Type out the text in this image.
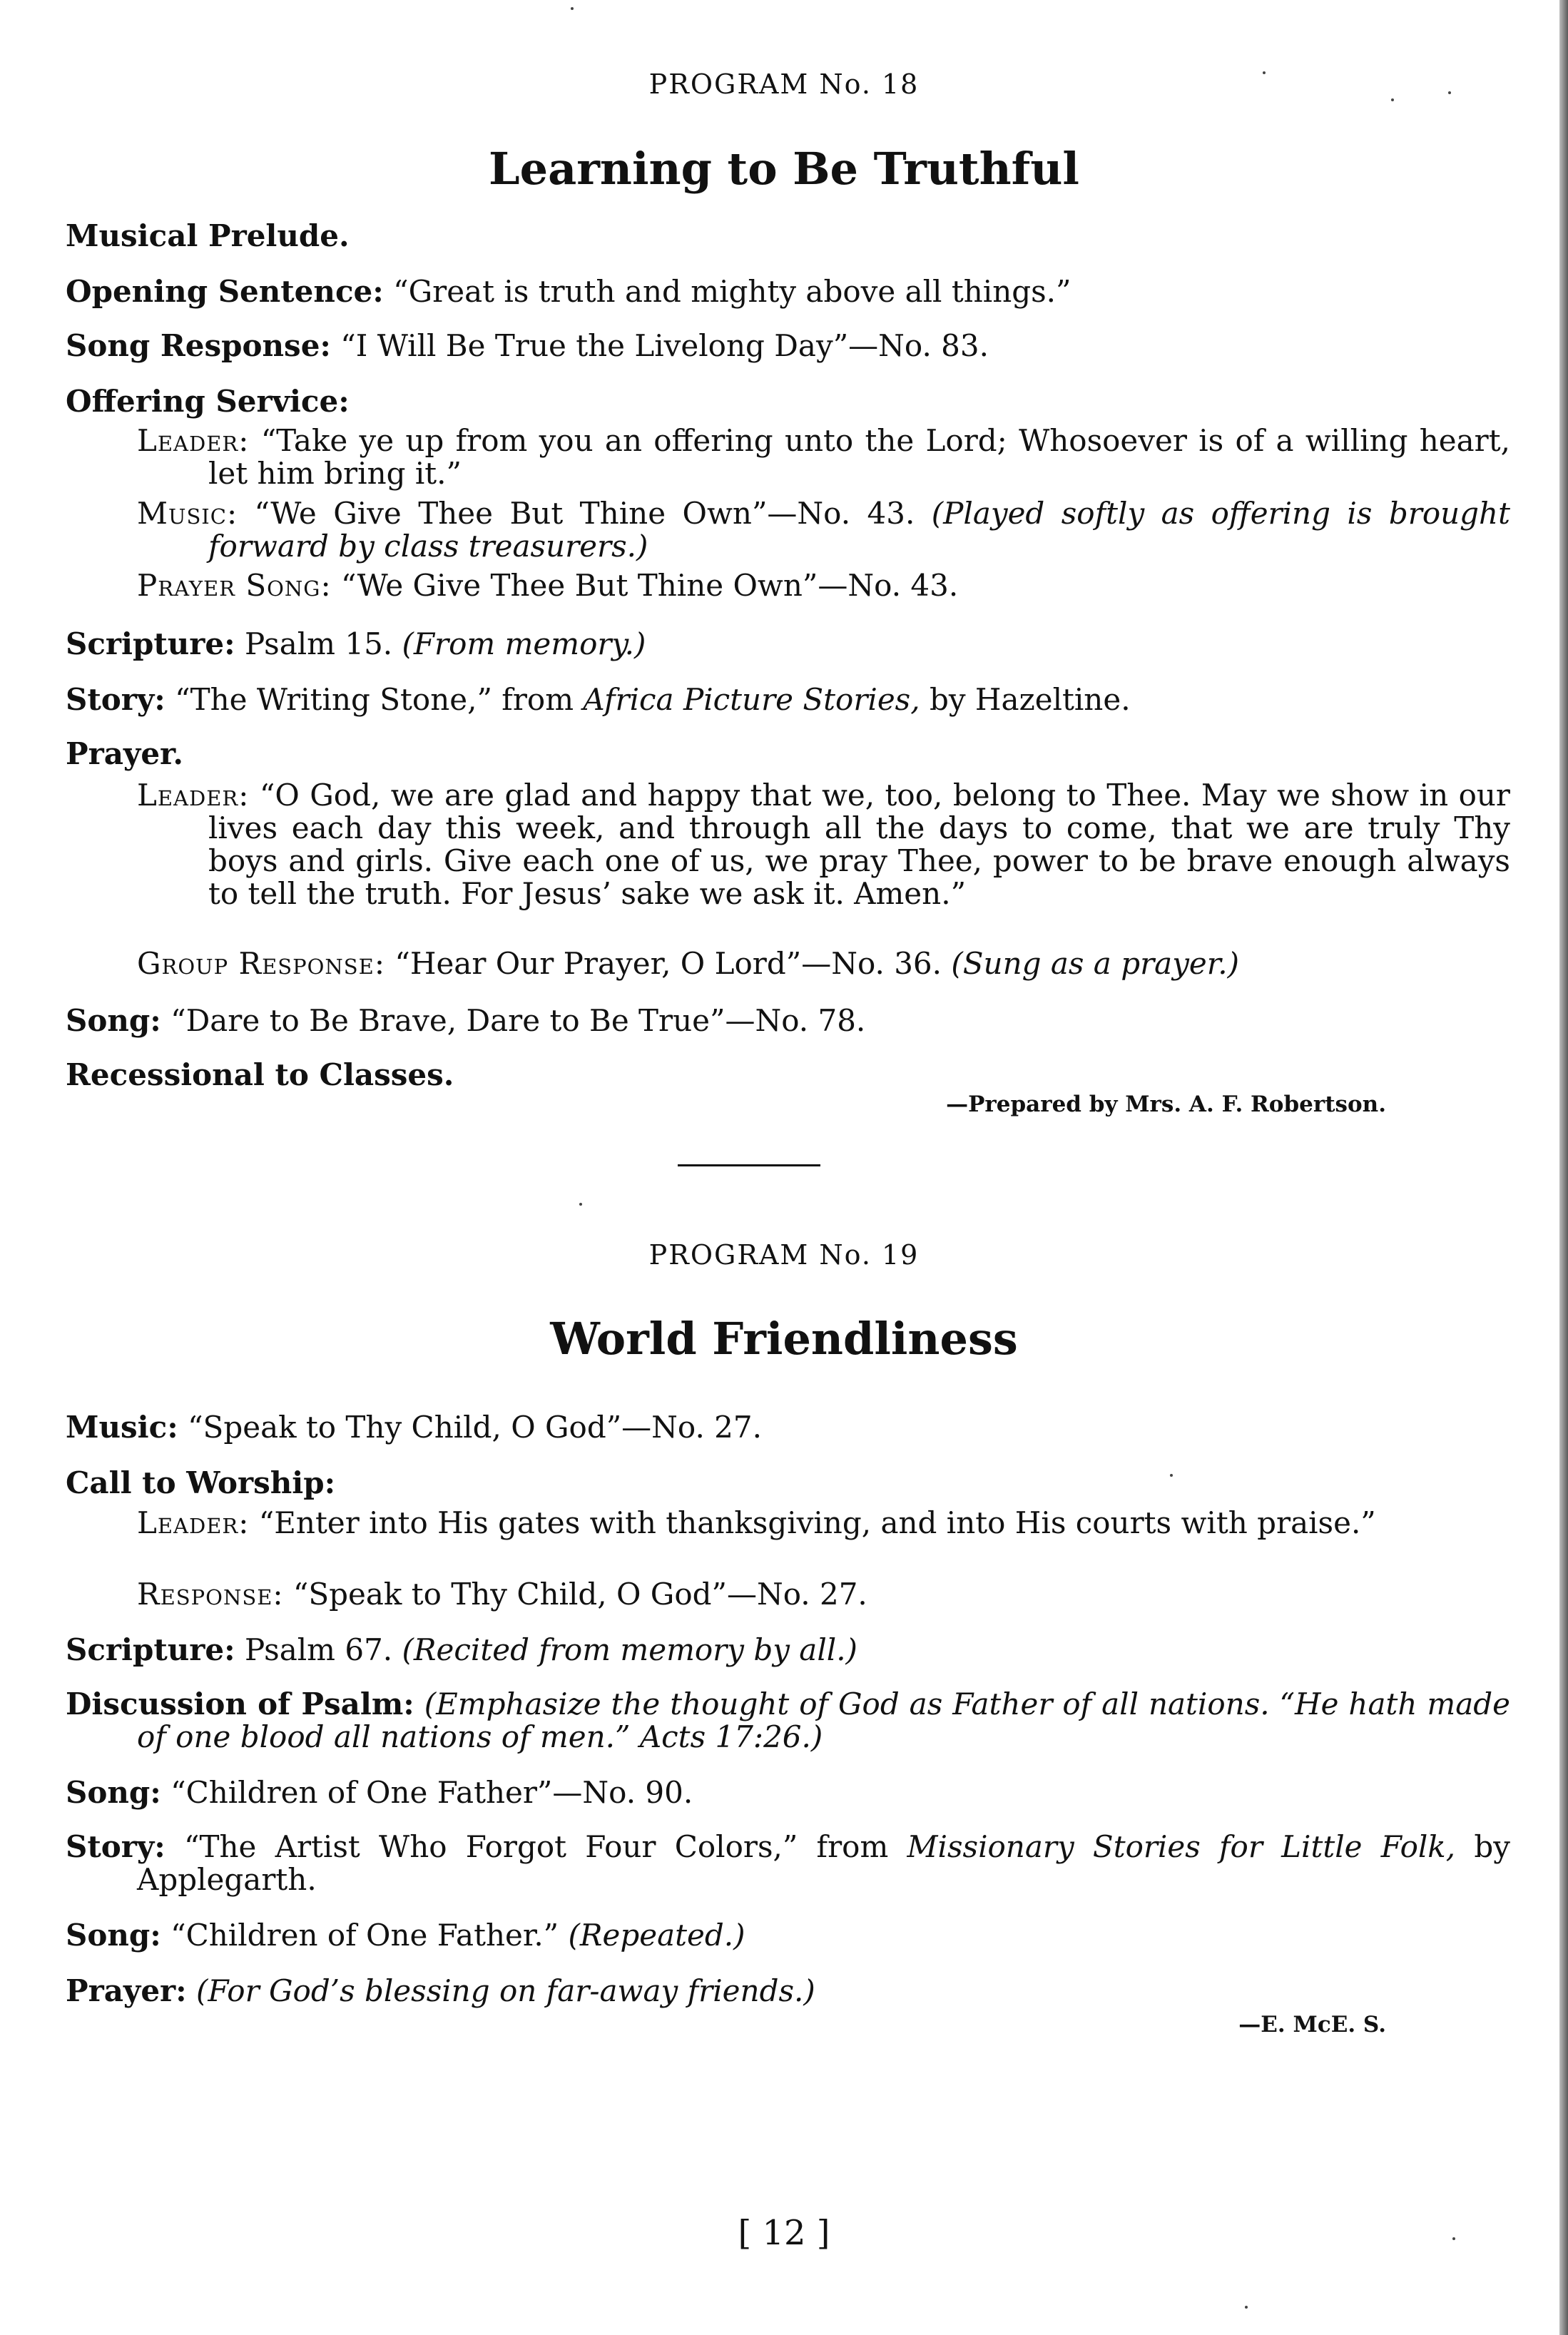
PROGRAM No. 18
Learning to Be Truthful
Musical Prelude.
Opening Sentence: “Great is truth and mighty above all things.”
Song Response: “I Will Be True the Livelong Day”—No. 83.
Offering Service:
Leader: “Take ye up from you an offering unto the Lord; Whosoever is of a willing heart, let him bring it.”
Music: “We Give Thee But Thine Own”—No. 43. (Played softly as offering is brought forward by class treasurers.)
Prayer Song: “We Give Thee But Thine Own”—No. 43.
Scripture: Psalm 15. (From memory.)
Story: “The Writing Stone,” from Africa Picture Stories, by Hazeltine.
Prayer.
Leader: “O God, we are glad and happy that we, too, belong to Thee. May we show in our lives each day this week, and through all the days to come, that we are truly Thy boys and girls. Give each one of us, we pray Thee, power to be brave enough always to tell the truth. For Jesus’ sake we ask it. Amen.”
Group Response: “Hear Our Prayer, O Lord”—No. 36. (Sung as a prayer.)
Song: “Dare to Be Brave, Dare to Be True”—No. 78.
Recessional to Classes.
—Prepared by Mrs. A. F. Robertson.
PROGRAM No. 19
World Friendliness
Music: “Speak to Thy Child, O God”—No. 27.
Call to Worship:
Leader: “Enter into His gates with thanksgiving, and into His courts with praise.”
Response: “Speak to Thy Child, O God”—No. 27.
Scripture: Psalm 67. (Recited from memory by all.)
Discussion of Psalm: (Emphasize the thought of God as Father of all nations. “He hath made of one blood all nations of men.” Acts 17:26.)
Song: “Children of One Father”—No. 90.
Story: “The Artist Who Forgot Four Colors,” from Missionary Stories for Little Folk, by Applegarth.
Song: “Children of One Father.” (Repeated.)
Prayer: (For God’s blessing on far-away friends.)
—E. McE. S.
[ 12 ]
